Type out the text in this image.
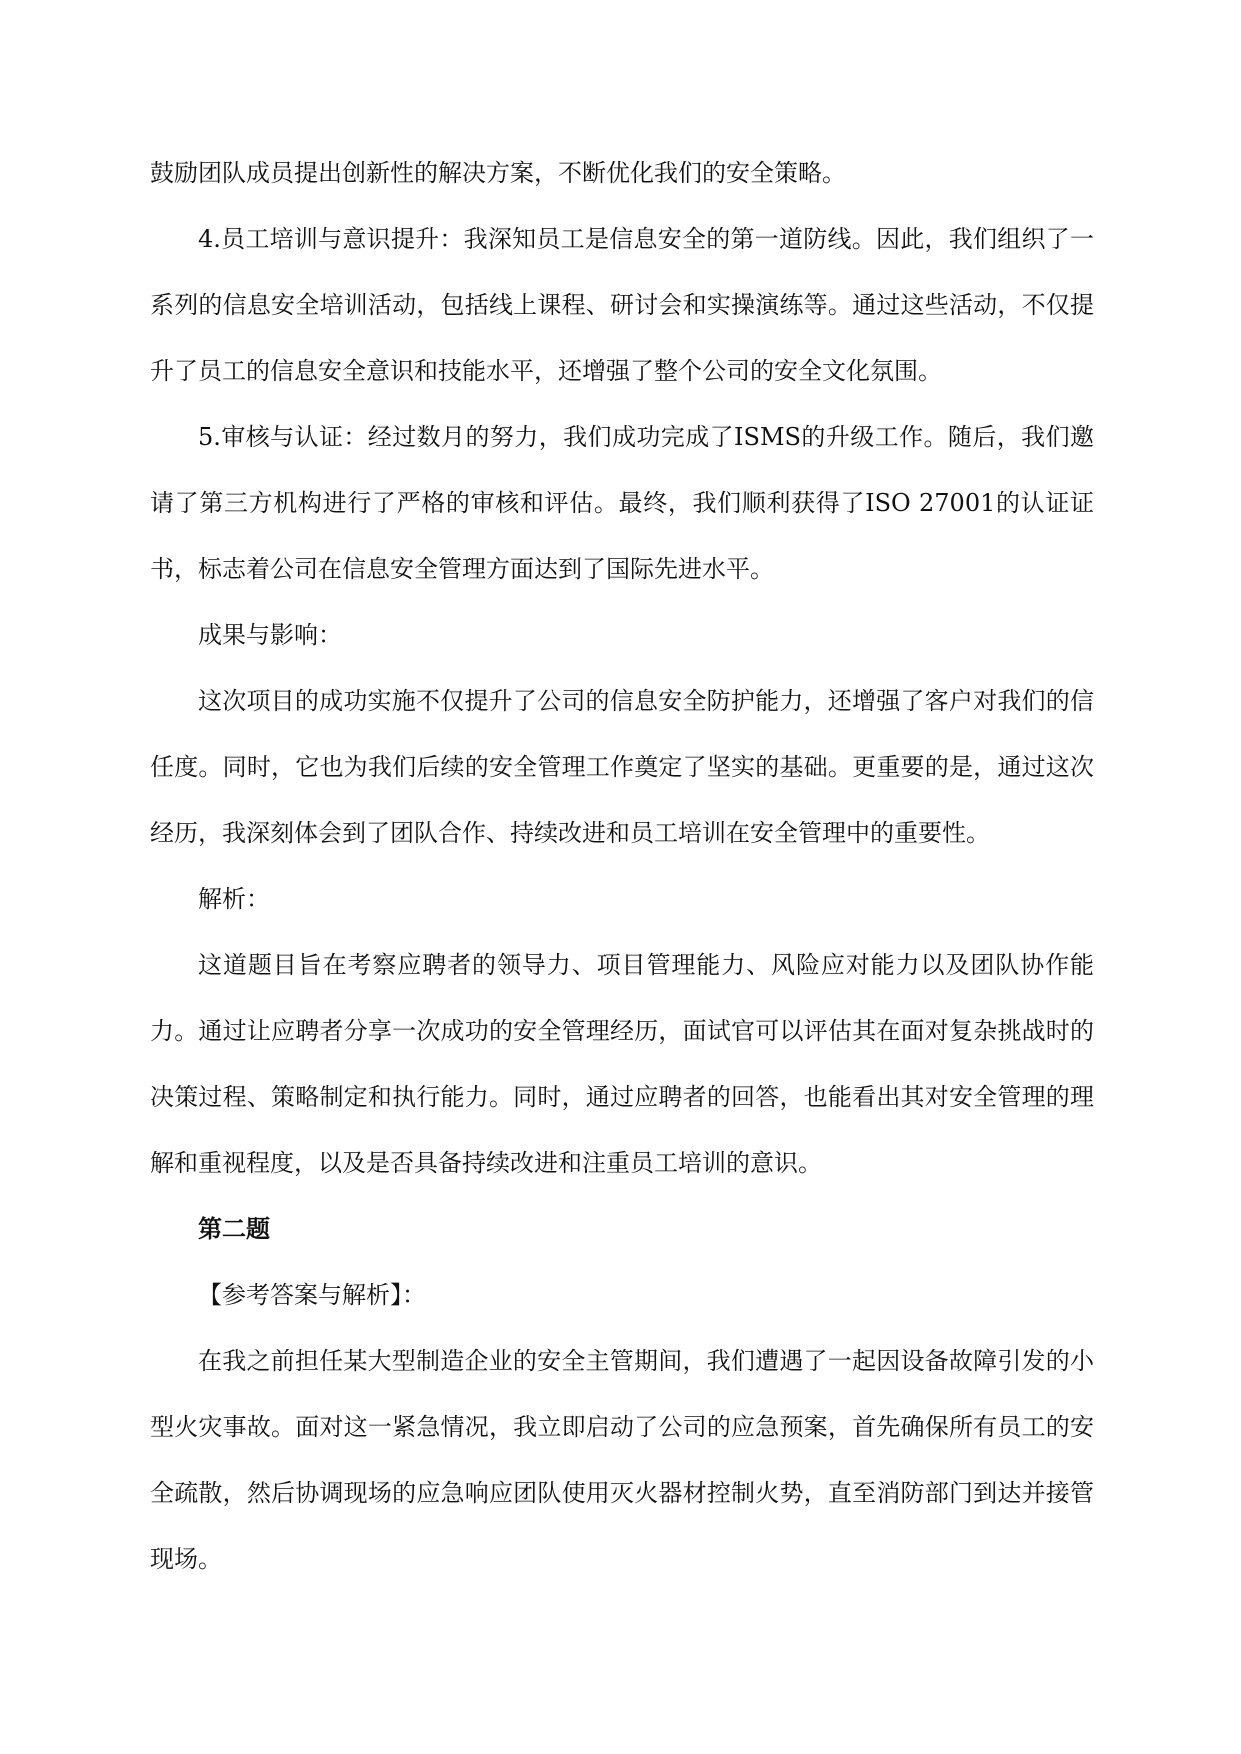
鼓励团队成员提出创新性的解决方案，不断优化我们的安全策略。

4.员工培训与意识提升：我深知员工是信息安全的第一道防线。因此，我们组织了一系列的信息安全培训活动，包括线上课程、研讨会和实操演练等。通过这些活动，不仅提升了员工的信息安全意识和技能水平，还增强了整个公司的安全文化氛围。

5.审核与认证：经过数月的努力，我们成功完成了ISMS的升级工作。随后，我们邀请了第三方机构进行了严格的审核和评估。最终，我们顺利获得了ISO 27001的认证证书，标志着公司在信息安全管理方面达到了国际先进水平。

成果与影响：

这次项目的成功实施不仅提升了公司的信息安全防护能力，还增强了客户对我们的信任度。同时，它也为我们后续的安全管理工作奠定了坚实的基础。更重要的是，通过这次经历，我深刻体会到了团队合作、持续改进和员工培训在安全管理中的重要性。

解析：

这道题目旨在考察应聘者的领导力、项目管理能力、风险应对能力以及团队协作能力。通过让应聘者分享一次成功的安全管理经历，面试官可以评估其在面对复杂挑战时的决策过程、策略制定和执行能力。同时，通过应聘者的回答，也能看出其对安全管理的理解和重视程度，以及是否具备持续改进和注重员工培训的意识。

第二题

【参考答案与解析】：

在我之前担任某大型制造企业的安全主管期间，我们遭遇了一起因设备故障引发的小型火灾事故。面对这一紧急情况，我立即启动了公司的应急预案，首先确保所有员工的安全疏散，然后协调现场的应急响应团队使用灭火器材控制火势，直至消防部门到达并接管现场。
